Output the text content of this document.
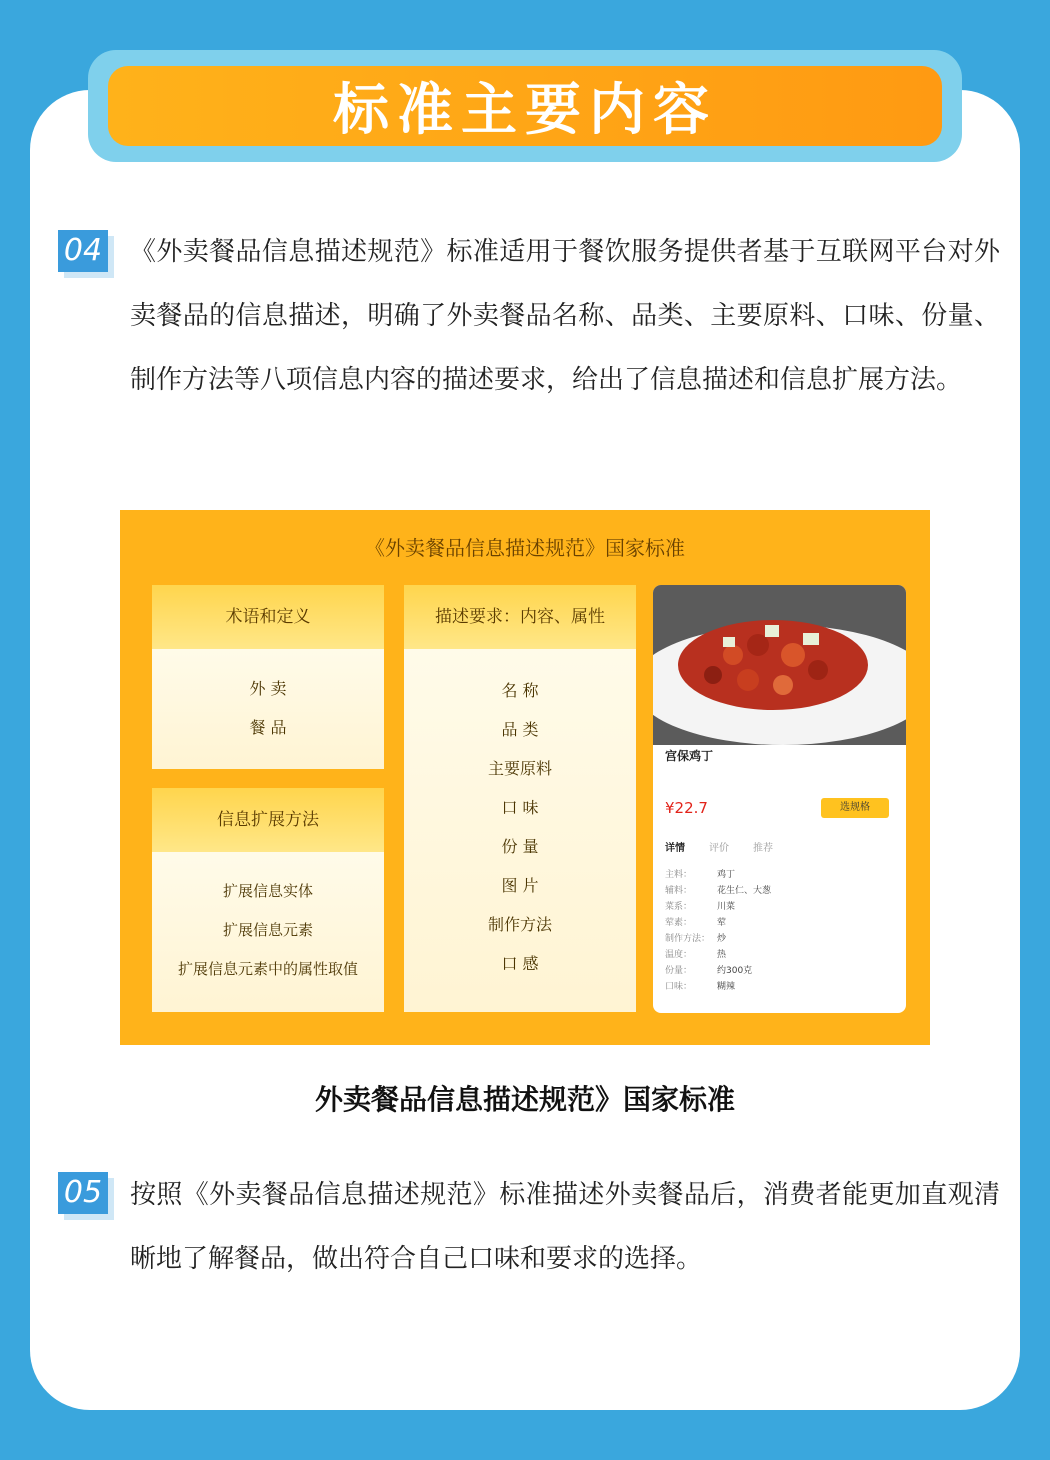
标准主要内容
04 《外卖餐品信息描述规范》标准适用于餐饮服务提供者基于互联网平台对外卖餐品的信息描述，明确了外卖餐品名称、品类、主要原料、口味、份量、制作方法等八项信息内容的描述要求，给出了信息描述和信息扩展方法。
《外卖餐品信息描述规范》国家标准
术语和定义
外 卖
餐 品
信息扩展方法
扩展信息实体
扩展信息元素
扩展信息元素中的属性取值
描述要求：内容、属性
名 称
品 类
主要原料
口 味
份 量
图 片
制作方法
口 感
宫保鸡丁
¥22.7	选规格
详情 评价 推荐
主料：	鸡丁
辅料：	花生仁、大葱
菜系：	川菜
荤素：	荤
制作方法： 炒
温度：	热
份量：	约300克
口味：	糊辣
外卖餐品信息描述规范》国家标准
05 按照《外卖餐品信息描述规范》标准描述外卖餐品后，消费者能更加直观清晰地了解餐品，做出符合自己口味和要求的选择。
